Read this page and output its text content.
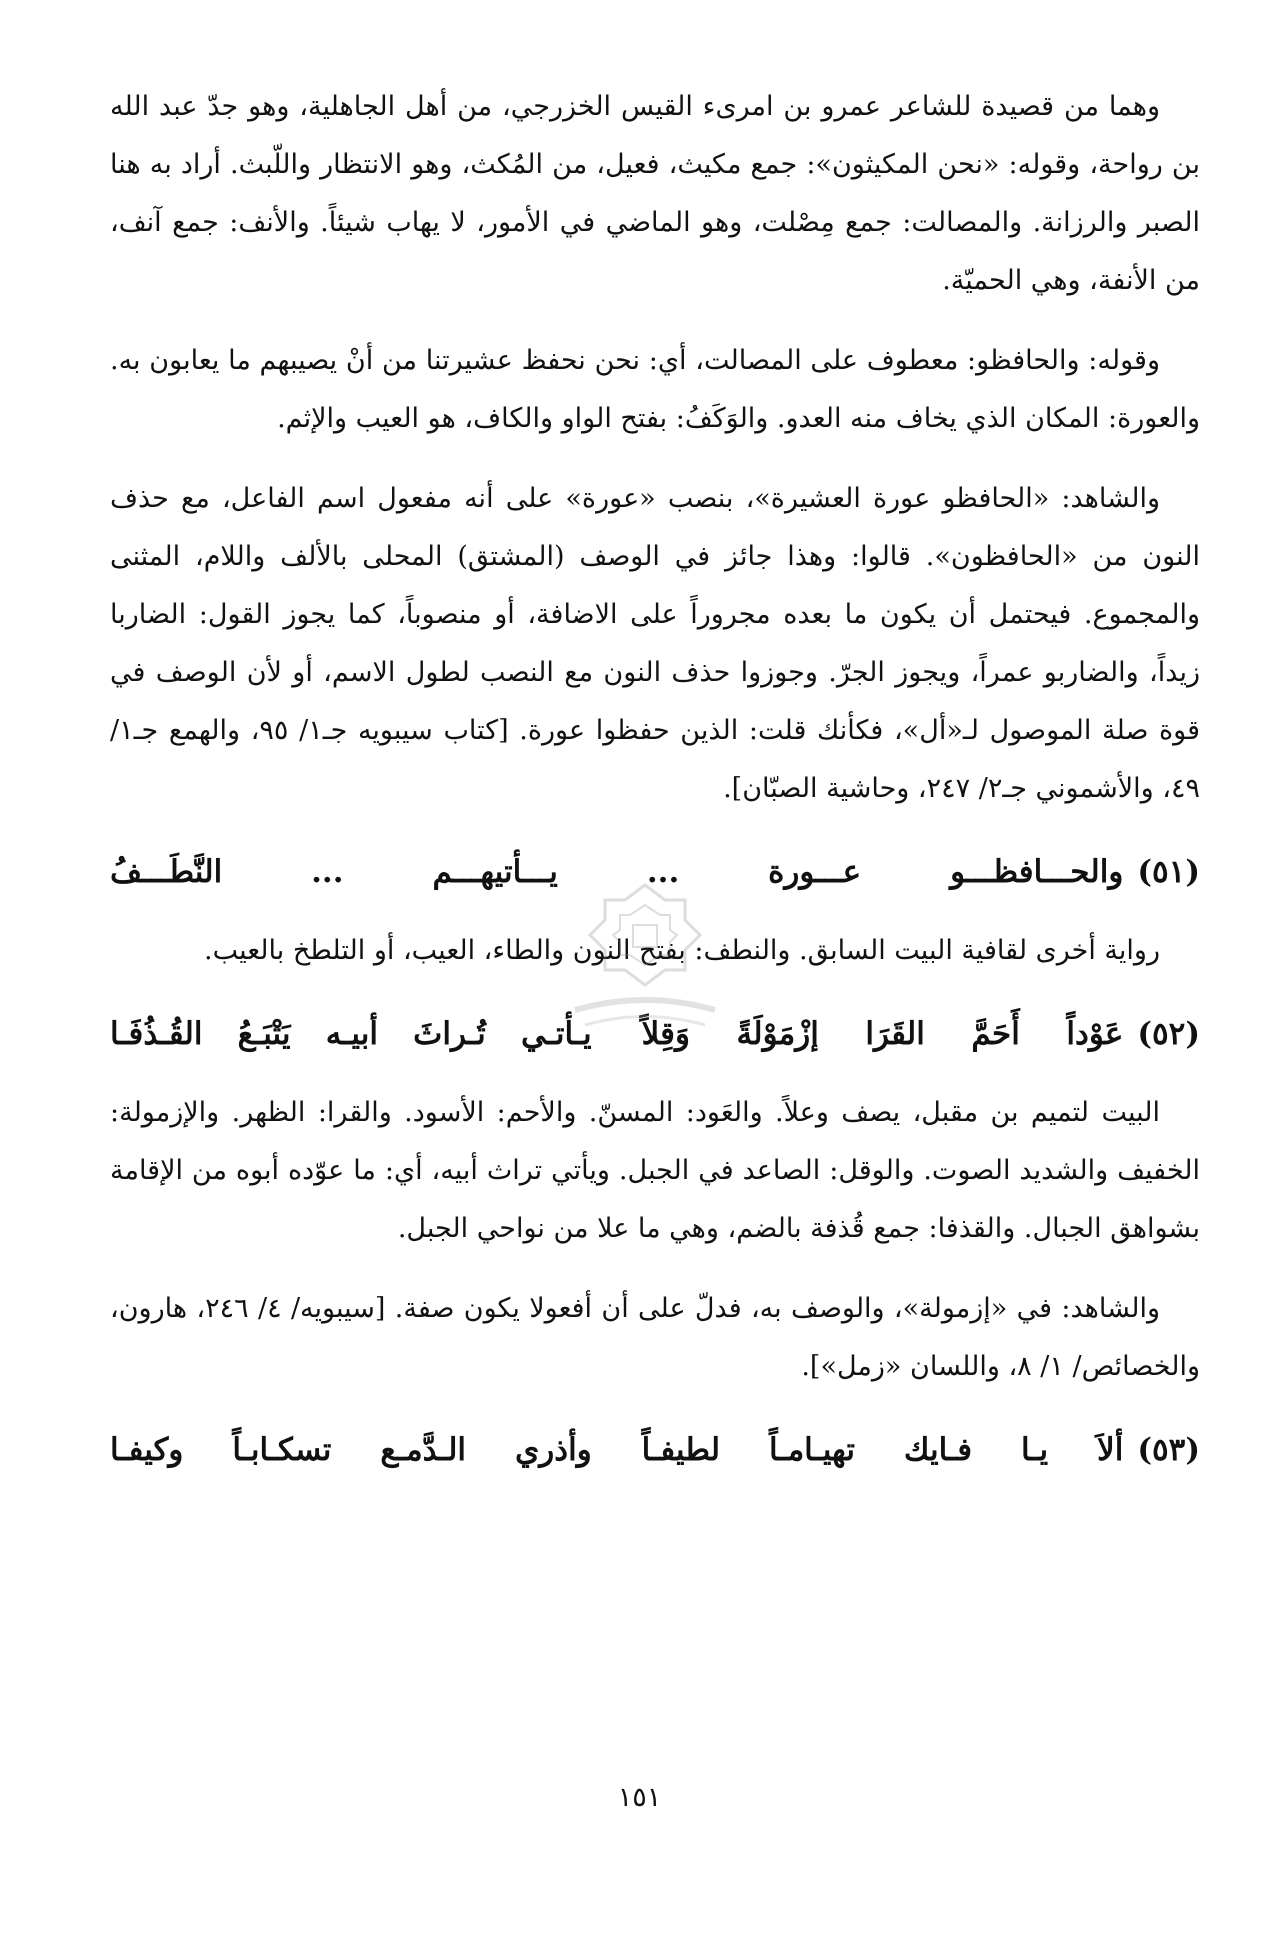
وهما من قصيدة للشاعر عمرو بن امرىء القيس الخزرجي، من أهل الجاهلية، وهو جدّ عبد الله بن رواحة، وقوله: «نحن المكيثون»: جمع مكيث، فعيل، من المُكث، وهو الانتظار واللّبث. أراد به هنا الصبر والرزانة. والمصالت: جمع مِصْلت، وهو الماضي في الأمور، لا يهاب شيئاً. والأنف: جمع آنف، من الأنفة، وهي الحميّة.

وقوله: والحافظو: معطوف على المصالت، أي: نحن نحفظ عشيرتنا من أنْ يصيبهم ما يعابون به. والعورة: المكان الذي يخاف منه العدو. والوَكَفُ: بفتح الواو والكاف، هو العيب والإثم.

والشاهد: «الحافظو عورة العشيرة»، بنصب «عورة» على أنه مفعول اسم الفاعل، مع حذف النون من «الحافظون». قالوا: وهذا جائز في الوصف (المشتق) المحلى بالألف واللام، المثنى والمجموع. فيحتمل أن يكون ما بعده مجروراً على الاضافة، أو منصوباً، كما يجوز القول: الضاربا زيداً، والضاربو عمراً، ويجوز الجرّ. وجوزوا حذف النون مع النصب لطول الاسم، أو لأن الوصف في قوة صلة الموصول لـ«أل»، فكأنك قلت: الذين حفظوا عورة. [كتاب سيبويه جـ١/ ٩٥، والهمع جـ١/ ٤٩، والأشموني جـ٢/ ٢٤٧، وحاشية الصبّان].

(٥١)
والحـــافظـــو عـــورة ... يـــأتيهـــم ... النَّطَـــفُ

رواية أخرى لقافية البيت السابق. والنطف: بفتح النون والطاء، العيب، أو التلطخ بالعيب.

(٥٢)
عَوْداً أَحَمَّ القَرَا إزْمَوْلَةً وَقِلاً
يـأتـي تُـراثَ أبيـه يَتْبَـعُ القُـذُفَـا

البيت لتميم بن مقبل، يصف وعلاً. والعَود: المسنّ. والأحم: الأسود. والقرا: الظهر. والإزمولة: الخفيف والشديد الصوت. والوقل: الصاعد في الجبل. ويأتي تراث أبيه، أي: ما عوّده أبوه من الإقامة بشواهق الجبال. والقذفا: جمع قُذفة بالضم، وهي ما علا من نواحي الجبل.

والشاهد: في «إزمولة»، والوصف به، فدلّ على أن أفعولا يكون صفة. [سيبويه/ ٤/ ٢٤٦، هارون، والخصائص/ ١/ ٨، واللسان «زمل»].

(٥٣)
ألاَ يـا فـايك تهيـامـاً لطيفـاً
وأذري الـدَّمـع تسكـابـاً وكيفـا
١٥١
